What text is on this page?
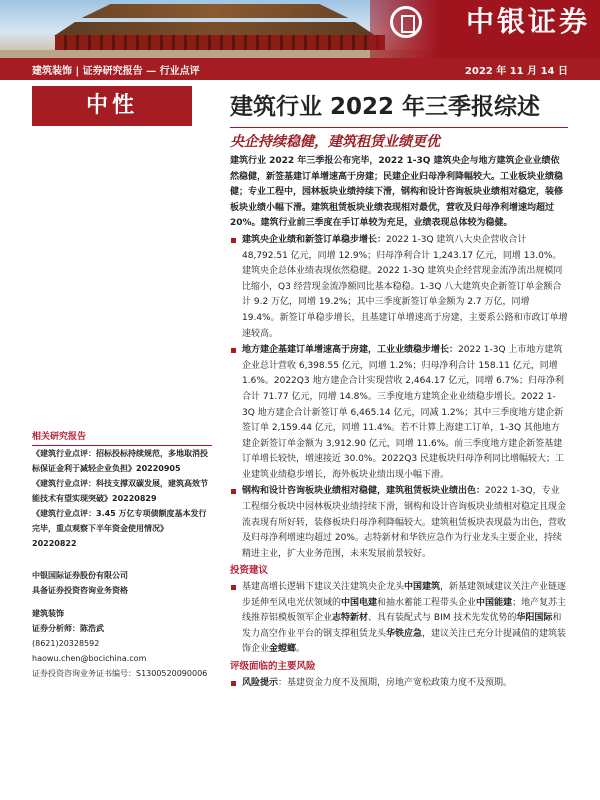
中银证券
建筑装饰 | 证券研究报告 — 行业点评	2022 年 11 月 14 日
中性	建筑行业 2022 年三季报综述
央企持续稳健，建筑租赁业绩更优

建筑行业 2022 年三季报公布完毕，2022 1-3Q 建筑央企与地方建筑企业业绩依然稳健，新签基建订单增速高于房建；民建企业归母净利降幅较大。工业板块业绩稳健；专业工程中，园林板块业绩持续下滑，钢构和设计咨询板块业绩相对稳定，装修板块业绩小幅下滑。建筑租赁板块业绩表现相对最优，营收及归母净利增速均超过 20%。建筑行业前三季度在手订单较为充足，业绩表现总体较为稳健。

建筑央企业绩和新签订单稳步增长：2022 1-3Q 建筑八大央企营收合计 48,792.51 亿元，同增 12.9%；归母净利合计 1,243.17 亿元，同增 13.0%。建筑央企总体业绩表现依然稳健。2022 1-3Q 建筑央企经营现金流净流出规模同比缩小，Q3 经营现金流净额同比基本稳稳。1-3Q 八大建筑央企新签订单金额合计 9.2 万亿，同增 19.2%；其中三季度新签订单金额为 2.7 万亿，同增 19.4%。新签订单稳步增长，且基建订单增速高于房建，主要系公路和市政订单增速较高。
地方建企基建订单增速高于房建，工业业绩稳步增长：2022 1-3Q 上市地方建筑企业总计营收 6,398.55 亿元，同增 1.2%；归母净利合计 158.11 亿元，同增 1.6%。2022Q3 地方建企合计实现营收 2,464.17 亿元，同增 6.7%；归母净利合计 71.77 亿元，同增 14.8%。三季度地方建筑企业业绩稳步增长。2022 1-3Q 地方建企合计新签订单 6,465.14 亿元，同减 1.2%；其中三季度地方建企新签订单 2,159.44 亿元，同增 11.4%。若不计算上海建工订单，1-3Q 其他地方建企新签订单金额为 3,912.90 亿元，同增 11.6%。前三季度地方建企新签基建订单增长较快，增速接近 30.0%。2022Q3 民建板块归母净利同比增幅较大；工业建筑业绩稳步增长，海外板块业绩出现小幅下滑。
钢构和设计咨询板块业绩相对稳健，建筑租赁板块业绩出色：2022 1-3Q，专业工程细分板块中园林板块业绩持续下滑，钢构和设计咨询板块业绩相对稳定且现金流表现有所好转，装修板块归母净利降幅较大。建筑租赁板块表现最为出色，营收及归母净利增速均超过 20%。志特新材和华铁应急作为行业龙头主要企业，持续精进主业，扩大业务范围，未来发展前景较好。
投资建议
基建高增长逻辑下建议关注建筑央企龙头中国建筑，新基建领域建议关注产业链逐步延伸至风电光伏领域的中国电建和抽水蓄能工程带头企业中国能建；地产复苏主线推荐铝模板领军企业志特新材、具有装配式与 BIM 技术先发优势的华阳国际和发力高空作业平台的钢支撑租赁龙头华铁应急，建议关注已充分计提减值的建筑装饰企业金螳螂。
评级面临的主要风险
风险提示：基建资金力度不及预期，房地产宽松政策力度不及预期。
相关研究报告
《建筑行业点评：招标投标持续规范，多地取消投标保证金利于减轻企业负担》20220905
《建筑行业点评：科技支撑双碳发展，建筑高效节能技术有望实现突破》20220829
《建筑行业点评：3.45 万亿专项债额度基本发行完毕，重点观察下半年资金使用情况》20220822
中银国际证券股份有限公司
具备证券投资咨询业务资格
建筑装饰
证券分析师：陈浩武
(8621)20328592
haowu.chen@bocichina.com
证券投资咨询业务证书编号：S1300520090006
